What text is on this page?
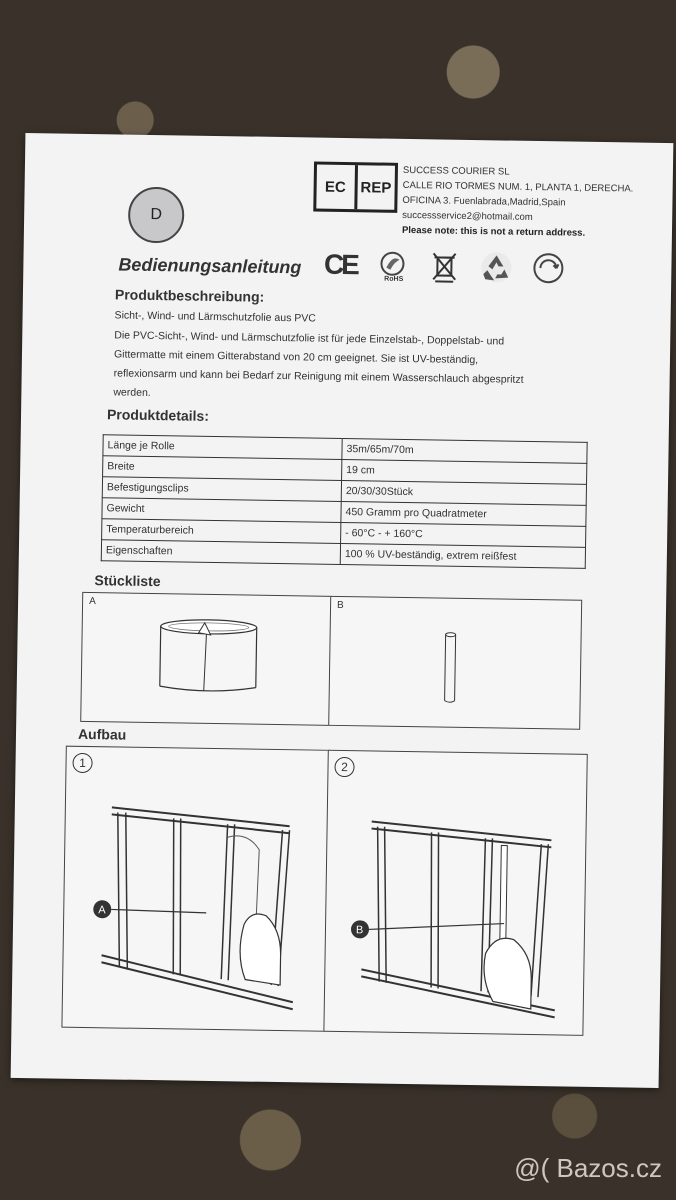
D
EC REP
SUCCESS COURIER SL
CALLE RIO TORMES NUM. 1, PLANTA 1, DERECHA.
OFICINA 3. Fuenlabrada,Madrid,Spain
successservice2@hotmail.com
Please note: this is not a return address.
CE	RoHS
Bedienungsanleitung
Produktbeschreibung:
Sicht-, Wind- und Lärmschutzfolie aus PVC
Die PVC-Sicht-, Wind- und Lärmschutzfolie ist für jede Einzelstab-, Doppelstab- und
Gittermatte mit einem Gitterabstand von 20 cm geeignet. Sie ist UV-beständig,
reflexionsarm und kann bei Bedarf zur Reinigung mit einem Wasserschlauch abgespritzt
werden.
Produktdetails:
Länge je Rolle	35m/65m/70m
Breite	19 cm
Befestigungsclips	20/30/30Stück
Gewicht	450 Gramm pro Quadratmeter
Temperaturbereich	- 60°C - + 160°C
Eigenschaften	100 % UV-beständig, extrem reißfest
Stückliste
A	B
Aufbau
1
A
2
B
@( Bazos.cz
